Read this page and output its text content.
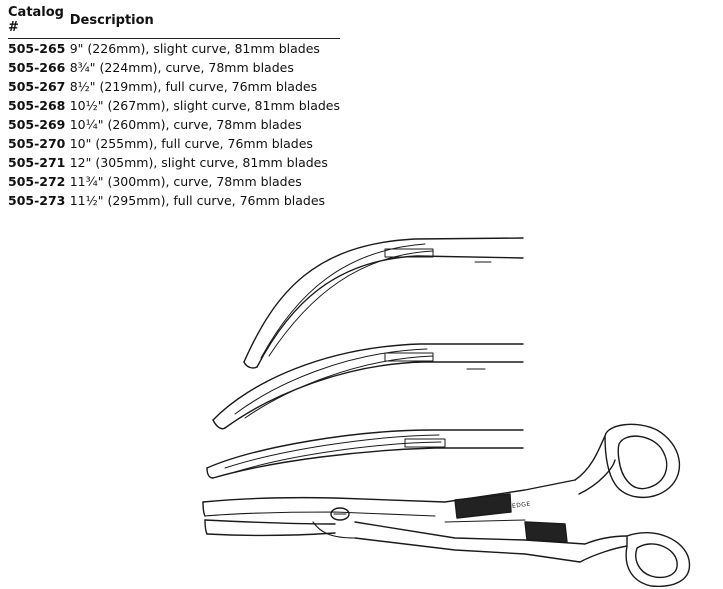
Catalog #	Description
505-265	9" (226mm), slight curve, 81mm blades
505-266	8¾" (224mm), curve, 78mm blades
505-267	8½" (219mm), full curve, 76mm blades
505-268	10½" (267mm), slight curve, 81mm blades
505-269	10¼" (260mm), curve, 78mm blades
505-270	10" (255mm), full curve, 76mm blades
505-271	12" (305mm), slight curve, 81mm blades
505-272	11¾" (300mm), curve, 78mm blades
505-273	11½" (295mm), full curve, 76mm blades
JARIT CARB-EDGE
